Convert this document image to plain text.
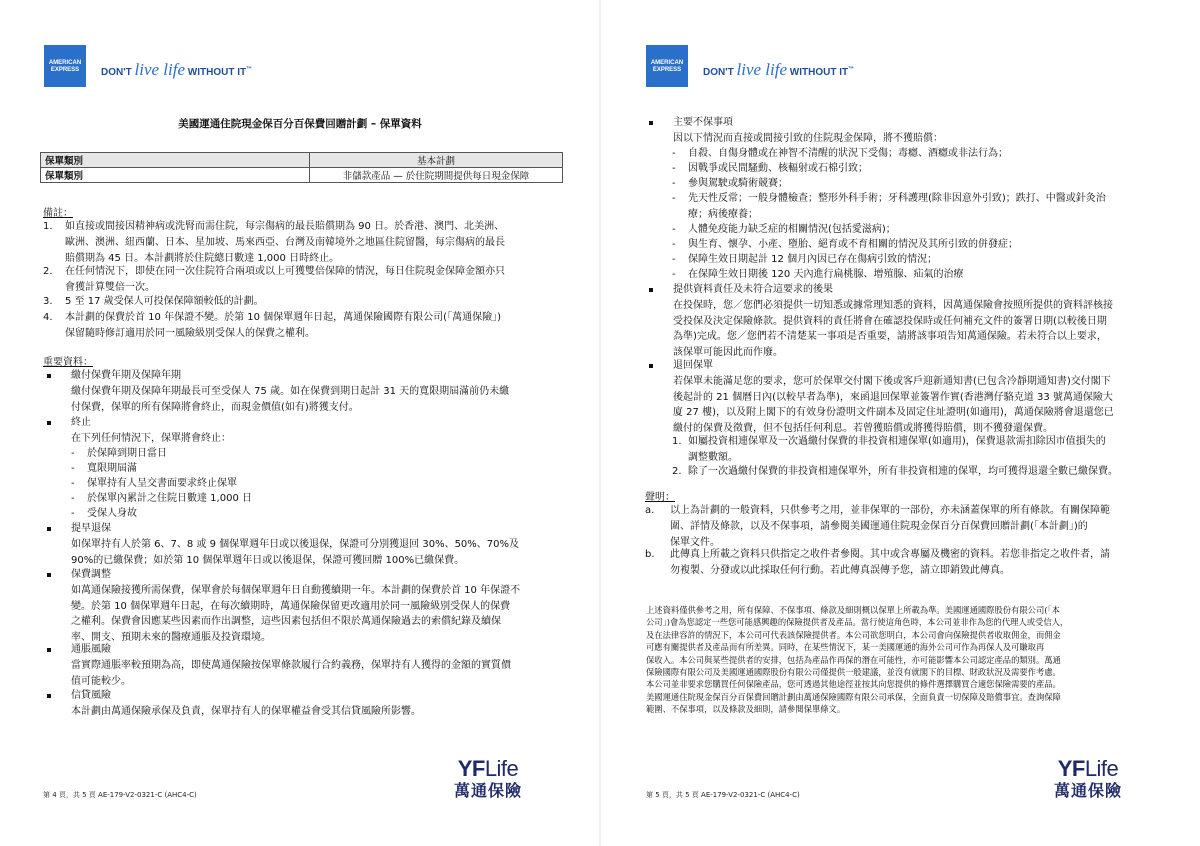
AMERICAN
EXPRESS	DON'T live life WITHOUT IT™
美國運通住院現金保百分百保費回贈計劃 – 保單資料
保單類別	基本計劃
保單類別	非儲款產品 — 於住院期間提供每日現金保障
備註：
1. 如直接或間接因精神病或洗腎而需住院，每宗傷病的最長賠償期為 90 日。於香港、澳門、北美洲、
歐洲、澳洲、紐西蘭、日本、星加坡、馬來西亞、台灣及南韓境外之地區住院留醫，每宗傷病的最長
賠償期為 45 日。本計劃將於住院總日數達 1,000 日時終止。
2. 在任何情況下，即使在同一次住院符合兩項或以上可獲雙倍保障的情況，每日住院現金保障金額亦只
會獲計算雙倍一次。
3. 5 至 17 歲受保人可投保保障額較低的計劃。
4. 本計劃的保費於首 10 年保證不變。於第 10 個保單週年日起，萬通保險國際有限公司(「萬通保險」)
保留隨時修訂適用於同一風險級別受保人的保費之權利。
重要資料：
繳付保費年期及保障年期
繳付保費年期及保障年期最長可至受保人 75 歲。如在保費到期日起計 31 天的寬限期屆滿前仍未繳
付保費，保單的所有保障將會終止，而現金價值(如有)將獲支付。
終止
在下列任何情況下，保單將會終止：
- 於保障到期日當日
- 寬限期屆滿
- 保單持有人呈交書面要求終止保單
- 於保單內累計之住院日數達 1,000 日
- 受保人身故
提早退保
如保單持有人於第 6、7、8 或 9 個保單週年日或以後退保，保證可分別獲退回 30%、50%、70%及
90%的已繳保費；如於第 10 個保單週年日或以後退保，保證可獲回贈 100%已繳保費。
保費調整
如萬通保險接獲所需保費，保單會於每個保單週年日自動獲續期一年。本計劃的保費於首 10 年保證不
變。於第 10 個保單週年日起，在每次續期時，萬通保險保留更改適用於同一風險級別受保人的保費
之權利。保費會因應某些因素而作出調整，這些因素包括但不限於萬通保險過去的索償紀錄及續保
率、開支、預期未來的醫療通脹及投資環境。
通脹風險
當實際通脹率較預期為高，即使萬通保險按保單條款履行合約義務，保單持有人獲得的金額的實質價
值可能較少。
信貸風險
本計劃由萬通保險承保及負責，保單持有人的保單權益會受其信貸風險所影響。
第 4 頁，共 5 頁 AE-179-V2-0321-C (AHC4-C)
YFLife
萬通保險
AMERICAN
EXPRESS	DON'T live life WITHOUT IT™
主要不保事項
因以下情況而直接或間接引致的住院現金保障，將不獲賠償：
- 自殺、自傷身體或在神智不清醒的狀況下受傷；毒癮、酒癮或非法行為；
- 因戰爭或民間騷動、核輻射或石棉引致；
- 參與駕駛或騎術競賽；
- 先天性反常；一般身體檢查；整形外科手術；牙科護理(除非因意外引致)；跌打、中醫或針灸治
療；病後療養；
- 人體免疫能力缺乏症的相關情況(包括愛滋病)；
- 與生育、懷孕、小產、墮胎、絕育或不育相關的情況及其所引致的併發症；
- 保障生效日期起計 12 個月內因已存在傷病引致的情況；
- 在保障生效日期後 120 天內進行扁桃腺、增殖腺、疝氣的治療
提供資料責任及未符合這要求的後果
在投保時，您／您們必須提供一切知悉或據常理知悉的資料，因萬通保險會按照所提供的資料評核接
受投保及決定保險條款。提供資料的責任將會在確認投保時或任何補充文件的簽署日期(以較後日期
為準)完成。您／您們若不清楚某一事項是否重要，請將該事項告知萬通保險。若未符合以上要求，
該保單可能因此而作廢。
退回保單
若保單未能滿足您的要求，您可於保單交付閣下後或客戶迎新通知書(已包含冷靜期通知書)交付閣下
後起計的 21 個曆日內(以較早者為準)，來函退回保單並簽署作實(香港灣仔駱克道 33 號萬通保險大
廈 27 樓)，以及附上閣下的有效身份證明文件副本及固定住址證明(如適用)，萬通保險將會退還您已
繳付的保費及徵費，但不包括任何利息。若曾獲賠償或將獲得賠償，則不獲發還保費。
1. 如屬投資相連保單及一次過繳付保費的非投資相連保單(如適用)，保費退款需扣除因市值損失的
調整數額。
2. 除了一次過繳付保費的非投資相連保單外，所有非投資相連的保單，均可獲得退還全數已繳保費。
聲明：
a. 以上為計劃的一般資料，只供參考之用，並非保單的一部份，亦未涵蓋保單的所有條款。有關保障範
圍、詳情及條款，以及不保事項，請參閱美國運通住院現金保百分百保費回贈計劃(「本計劃」)的
保單文件。
b. 此傳真上所載之資料只供指定之收件者參閱。其中或含專屬及機密的資料。若您非指定之收件者，請
勿複製、分發或以此採取任何行動。若此傳真誤傳予您，請立即銷毀此傳真。
上述資料僅供參考之用，所有保障、不保事項、條款及細則概以保單上所載為準。美國運通國際股份有限公司(「本
公司」)會為您認定一些您可能感興趣的保險提供者及產品。當行使這角色時，本公司並非作為您的代理人或受信人，
及在法律容許的情況下，本公司可代表該保險提供者。本公司欲您明白，本公司會向保險提供者收取佣金，而佣金
可應有關提供者及產品而有所差異。同時，在某些情況下，某一美國運通的海外公司可作為再保人及可賺取再
保收入。本公司與某些提供者的安排，包括為產品作再保的潛在可能性，亦可能影響本公司認定產品的類別。萬通
保險國際有限公司及美國運通國際股份有限公司僅提供一般建議，並沒有就閣下的目標、財政狀況及需要作考慮。
本公司並非要求您購買任何保險產品，您可透過其他途徑並按其向您提供的條件選擇購買合適您保險需要的產品。
美國運通住院現金保百分百保費回贈計劃由萬通保險國際有限公司承保，全面負責一切保障及賠償事宜。查詢保障
範圍、不保事項，以及條款及細則，請參閱保單條文。
第 5 頁，共 5 頁 AE-179-V2-0321-C (AHC4-C)
YFLife
萬通保險
